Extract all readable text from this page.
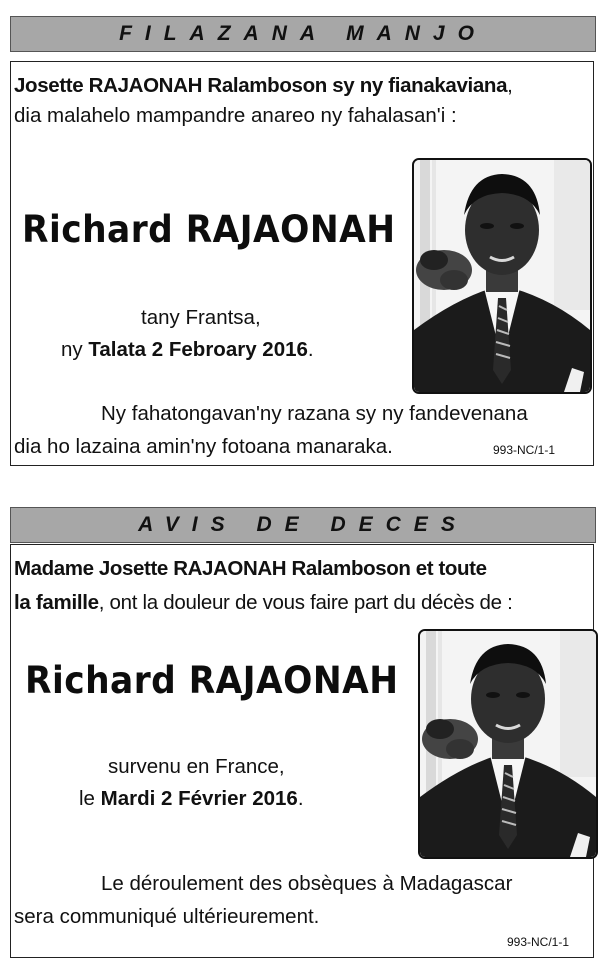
FILAZANA MANJO
Josette RAJAONAH Ralamboson sy ny fianakaviana,
dia malahelo mampandre anareo ny fahalasan'i :
Richard RAJAONAH
tany Frantsa,
ny Talata 2 Febroary 2016.
Ny fahatongavan'ny razana sy ny fandevenana
dia ho lazaina amin'ny fotoana manaraka.	993-NC/1-1
AVIS DE DECES
Madame Josette RAJAONAH Ralamboson et toute
la famille, ont la douleur de vous faire part du décès de :
Richard RAJAONAH
survenu en France,
le Mardi 2 Février 2016.
Le déroulement des obsèques à Madagascar
sera communiqué ultérieurement.
993-NC/1-1
